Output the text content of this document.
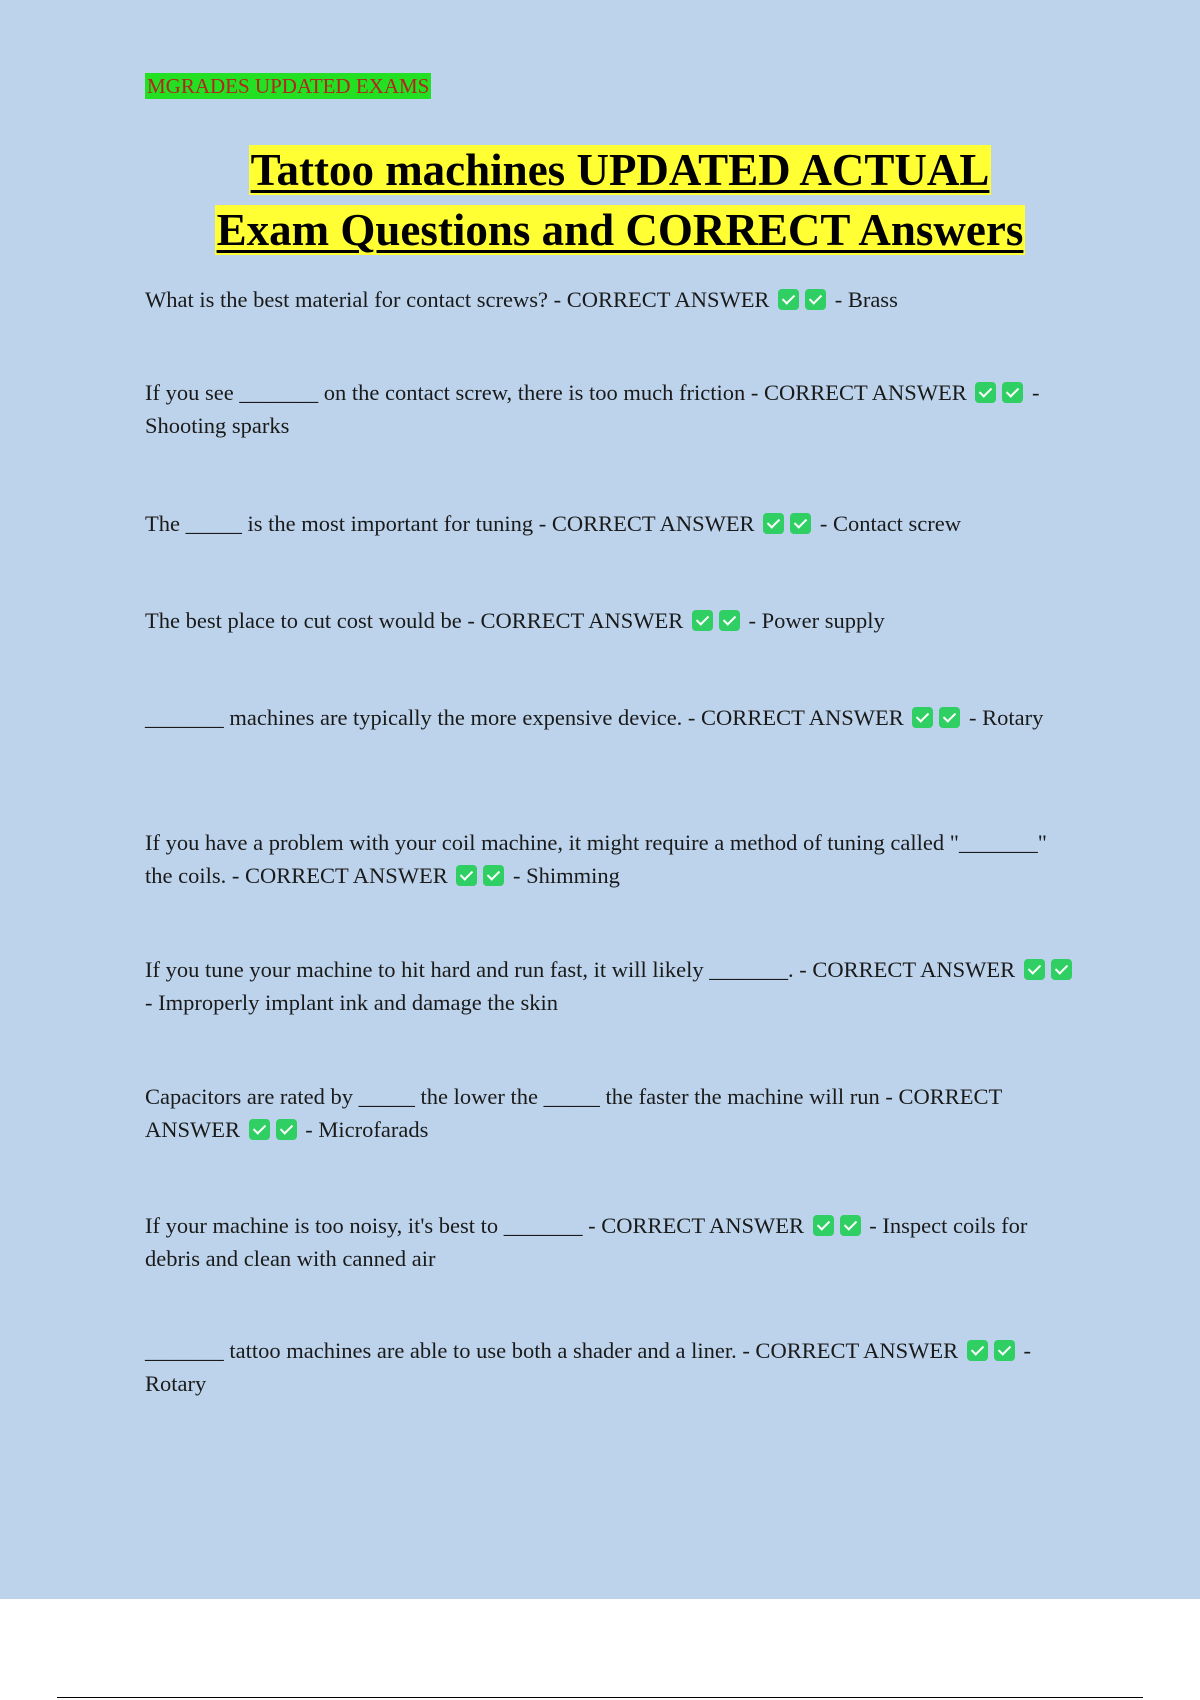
MGRADES UPDATED EXAMS
Tattoo machines UPDATED ACTUAL
Exam Questions and CORRECT Answers

What is the best material for contact screws? - CORRECT ANSWER	- Brass

If you see _______ on the contact screw, there is too much friction - CORRECT ANSWER	- Shooting sparks

The _____ is the most important for tuning - CORRECT ANSWER	- Contact screw

The best place to cut cost would be - CORRECT ANSWER	- Power supply

_______ machines are typically the more expensive device. - CORRECT ANSWER	- Rotary

If you have a problem with your coil machine, it might require a method of tuning called "_______" the coils. - CORRECT ANSWER	- Shimming

If you tune your machine to hit hard and run fast, it will likely _______. - CORRECT ANSWER  - Improperly implant ink and damage the skin

Capacitors are rated by _____ the lower the _____ the faster the machine will run - CORRECT ANSWER	- Microfarads

If your machine is too noisy, it's best to _______ - CORRECT ANSWER	- Inspect coils for debris and clean with canned air

_______ tattoo machines are able to use both a shader and a liner. - CORRECT ANSWER	- Rotary
